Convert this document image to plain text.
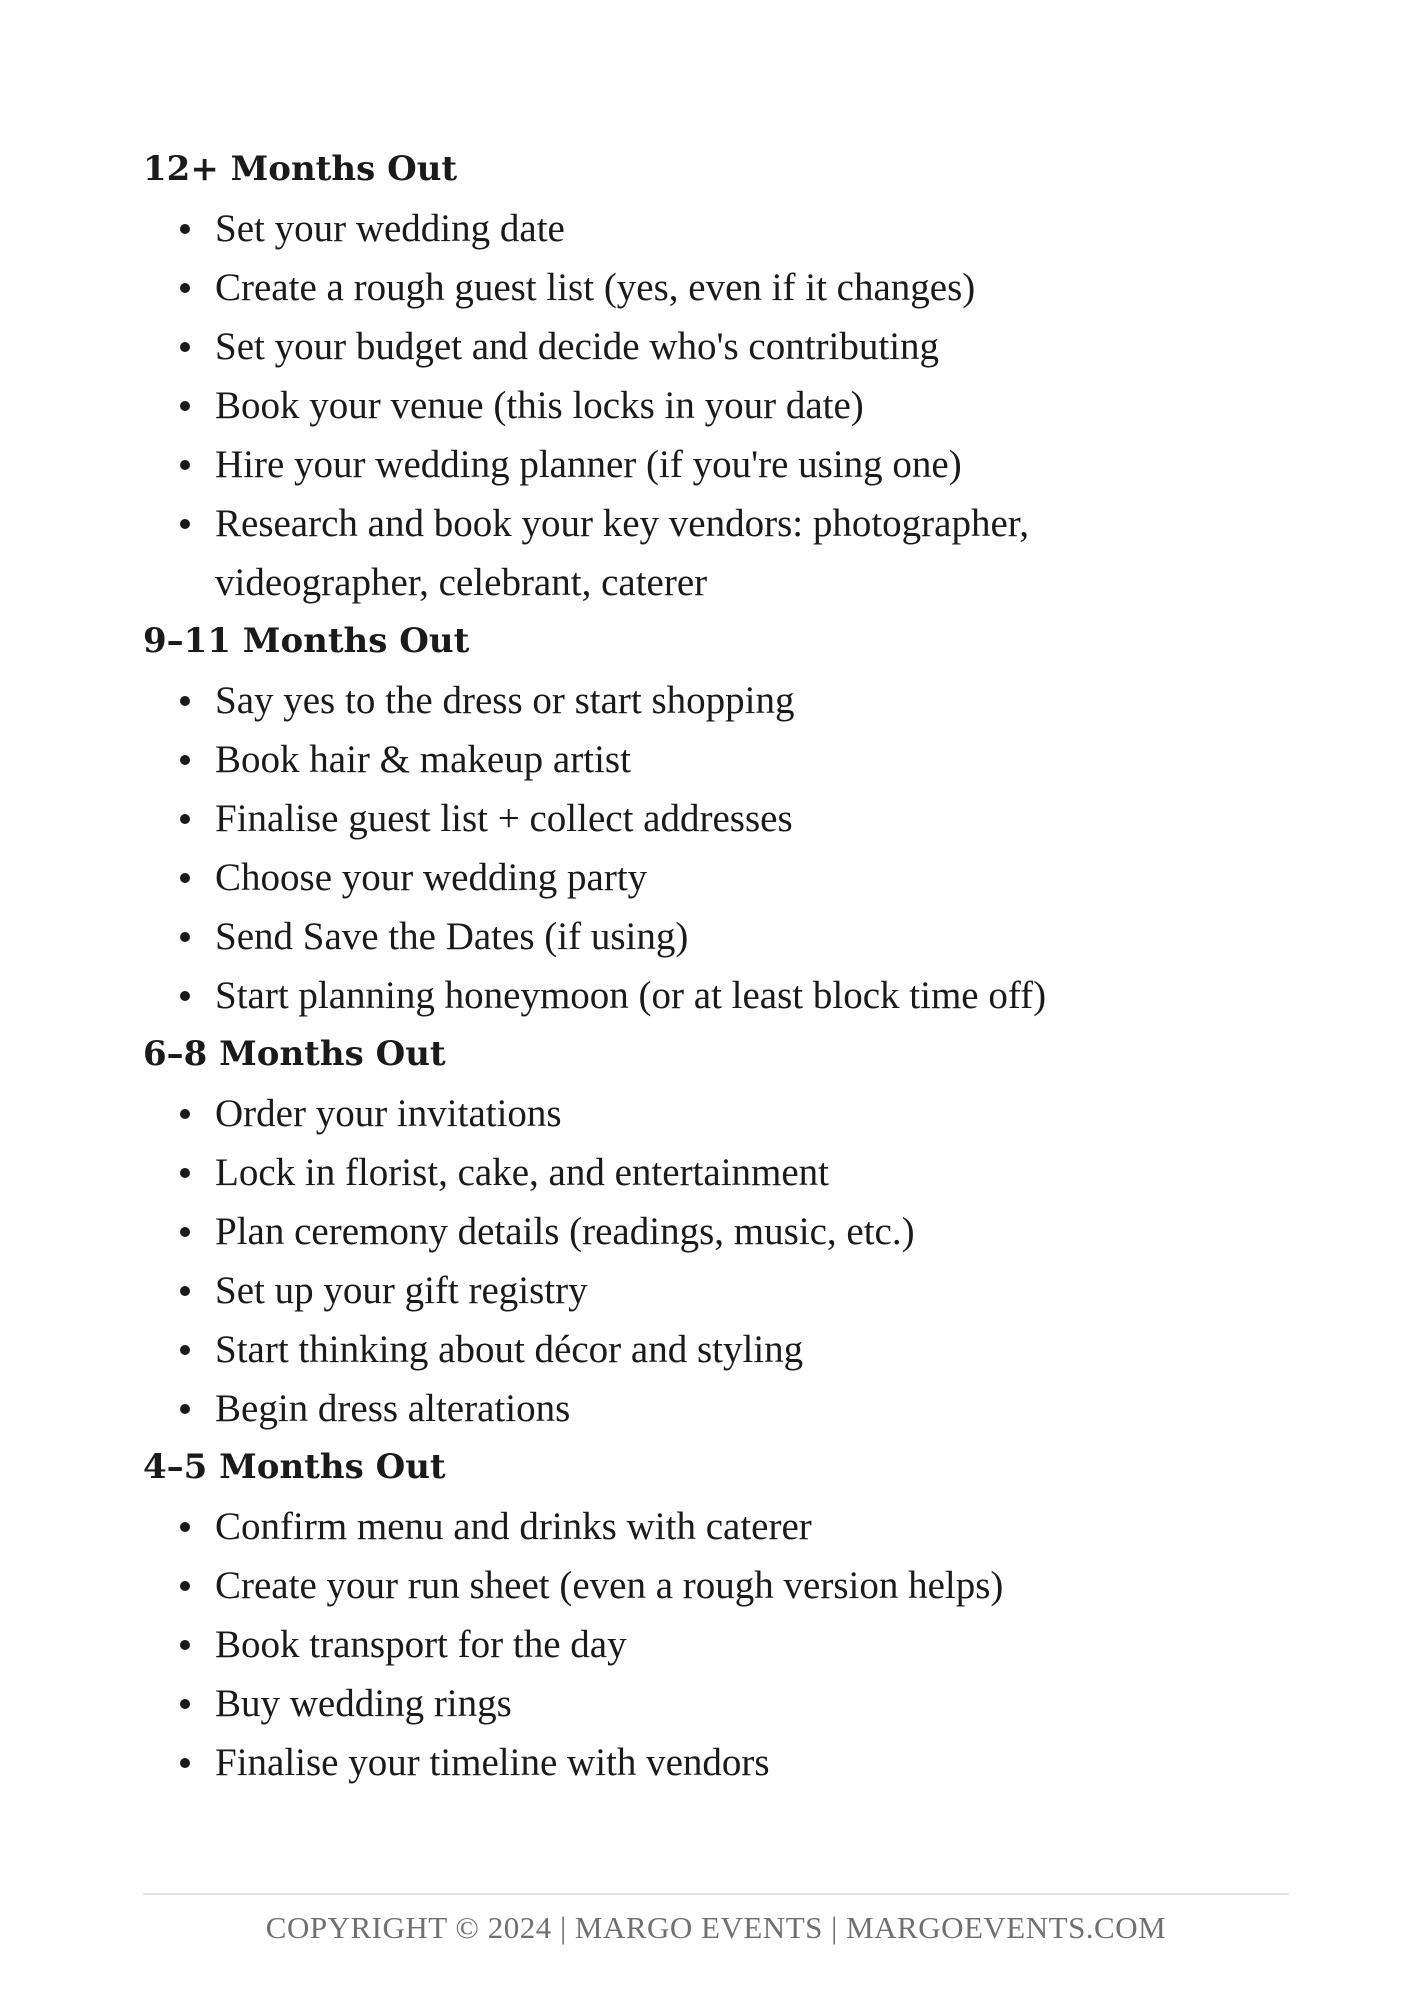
12+ Months Out
Set your wedding date
Create a rough guest list (yes, even if it changes)
Set your budget and decide who's contributing
Book your venue (this locks in your date)
Hire your wedding planner (if you're using one)
Research and book your key vendors: photographer, videographer, celebrant, caterer
9–11 Months Out
Say yes to the dress or start shopping
Book hair & makeup artist
Finalise guest list + collect addresses
Choose your wedding party
Send Save the Dates (if using)
Start planning honeymoon (or at least block time off)
6–8 Months Out
Order your invitations
Lock in florist, cake, and entertainment
Plan ceremony details (readings, music, etc.)
Set up your gift registry
Start thinking about décor and styling
Begin dress alterations
4–5 Months Out
Confirm menu and drinks with caterer
Create your run sheet (even a rough version helps)
Book transport for the day
Buy wedding rings
Finalise your timeline with vendors
COPYRIGHT © 2024 | MARGO EVENTS | MARGOEVENTS.COM
